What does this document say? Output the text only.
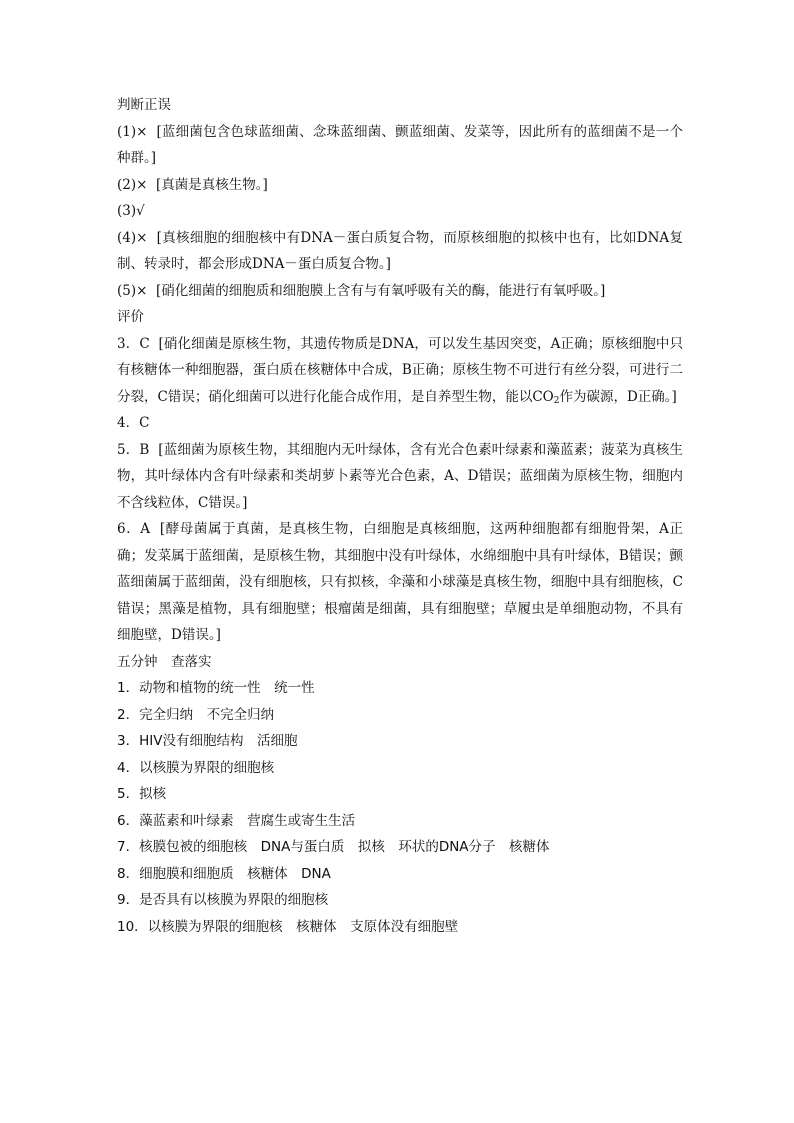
判断正误
(1)×  [蓝细菌包含色球蓝细菌、念珠蓝细菌、颤蓝细菌、发菜等，因此所有的蓝细菌不是一个种群。]
(2)×  [真菌是真核生物。]
(3)√
(4)×  [真核细胞的细胞核中有DNA－蛋白质复合物，而原核细胞的拟核中也有，比如DNA复制、转录时，都会形成DNA－蛋白质复合物。]
(5)×  [硝化细菌的细胞质和细胞膜上含有与有氧呼吸有关的酶，能进行有氧呼吸。]
评价
3．C  [硝化细菌是原核生物，其遗传物质是DNA，可以发生基因突变，A正确；原核细胞中只有核糖体一种细胞器，蛋白质在核糖体中合成，B正确；原核生物不可进行有丝分裂，可进行二分裂，C错误；硝化细菌可以进行化能合成作用，是自养型生物，能以$CO_2$作为碳源，D正确。]
4．C
5．B  [蓝细菌为原核生物，其细胞内无叶绿体，含有光合色素叶绿素和藻蓝素；菠菜为真核生物，其叶绿体内含有叶绿素和类胡萝卜素等光合色素，A、D错误；蓝细菌为原核生物，细胞内不含线粒体，C错误。]
6．A  [酵母菌属于真菌，是真核生物，白细胞是真核细胞，这两种细胞都有细胞骨架，A正确；发菜属于蓝细菌，是原核生物，其细胞中没有叶绿体，水绵细胞中具有叶绿体，B错误；颤蓝细菌属于蓝细菌，没有细胞核，只有拟核，伞藻和小球藻是真核生物，细胞中具有细胞核，C错误；黑藻是植物，具有细胞壁；根瘤菌是细菌，具有细胞壁；草履虫是单细胞动物，不具有细胞壁，D错误。]
五分钟　查落实
1．动物和植物的统一性　统一性
2．完全归纳　不完全归纳
3．HIV没有细胞结构　活细胞
4．以核膜为界限的细胞核
5．拟核
6．藻蓝素和叶绿素　营腐生或寄生生活
7．核膜包被的细胞核　DNA与蛋白质　拟核　环状的DNA分子　核糖体
8．细胞膜和细胞质　核糖体　DNA
9．是否具有以核膜为界限的细胞核
10．以核膜为界限的细胞核　核糖体　支原体没有细胞壁
